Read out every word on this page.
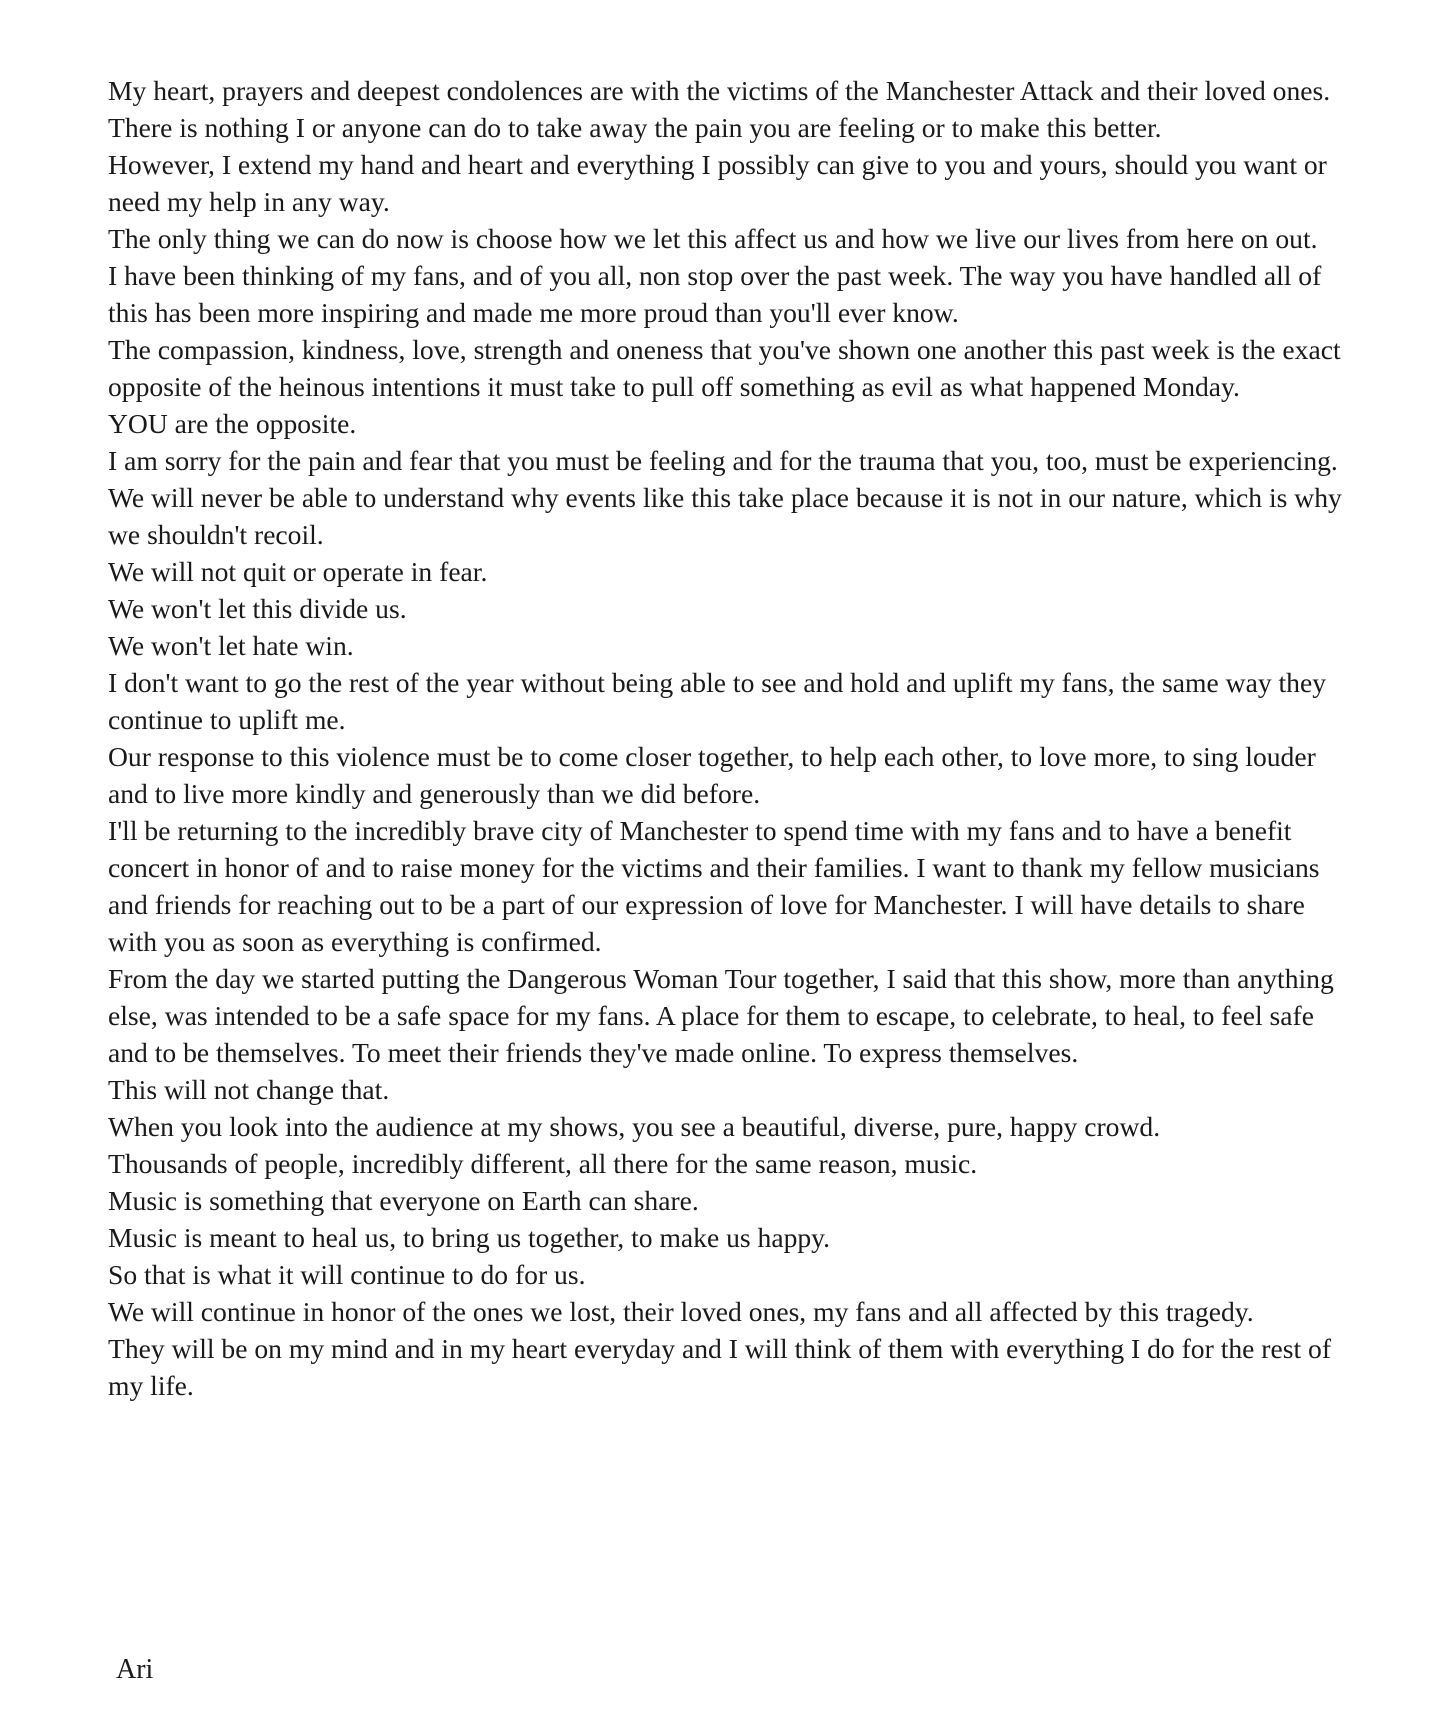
My heart, prayers and deepest condolences are with the victims of the Manchester Attack and their loved ones.

There is nothing I or anyone can do to take away the pain you are feeling or to make this better.

However, I extend my hand and heart and everything I possibly can give to you and yours, should you want or need my help in any way.

The only thing we can do now is choose how we let this affect us and how we live our lives from here on out.

I have been thinking of my fans, and of you all, non stop over the past week. The way you have handled all of this has been more inspiring and made me more proud than you'll ever know.

The compassion, kindness, love, strength and oneness that you've shown one another this past week is the exact opposite of the heinous intentions it must take to pull off something as evil as what happened Monday.

YOU are the opposite.

I am sorry for the pain and fear that you must be feeling and for the trauma that you, too, must be experiencing.

We will never be able to understand why events like this take place because it is not in our nature, which is why we shouldn't recoil.

We will not quit or operate in fear.

We won't let this divide us.

We won't let hate win.

I don't want to go the rest of the year without being able to see and hold and uplift my fans, the same way they continue to uplift me.

Our response to this violence must be to come closer together, to help each other, to love more, to sing louder and to live more kindly and generously than we did before.

I'll be returning to the incredibly brave city of Manchester to spend time with my fans and to have a benefit concert in honor of and to raise money for the victims and their families. I want to thank my fellow musicians and friends for reaching out to be a part of our expression of love for Manchester. I will have details to share with you as soon as everything is confirmed.

From the day we started putting the Dangerous Woman Tour together, I said that this show, more than anything else, was intended to be a safe space for my fans. A place for them to escape, to celebrate, to heal, to feel safe and to be themselves. To meet their friends they've made online. To express themselves.

This will not change that.

When you look into the audience at my shows, you see a beautiful, diverse, pure, happy crowd.

Thousands of people, incredibly different, all there for the same reason, music.

Music is something that everyone on Earth can share.

Music is meant to heal us, to bring us together, to make us happy.

So that is what it will continue to do for us.

We will continue in honor of the ones we lost, their loved ones, my fans and all affected by this tragedy.

They will be on my mind and in my heart everyday and I will think of them with everything I do for the rest of my life.

Ari
